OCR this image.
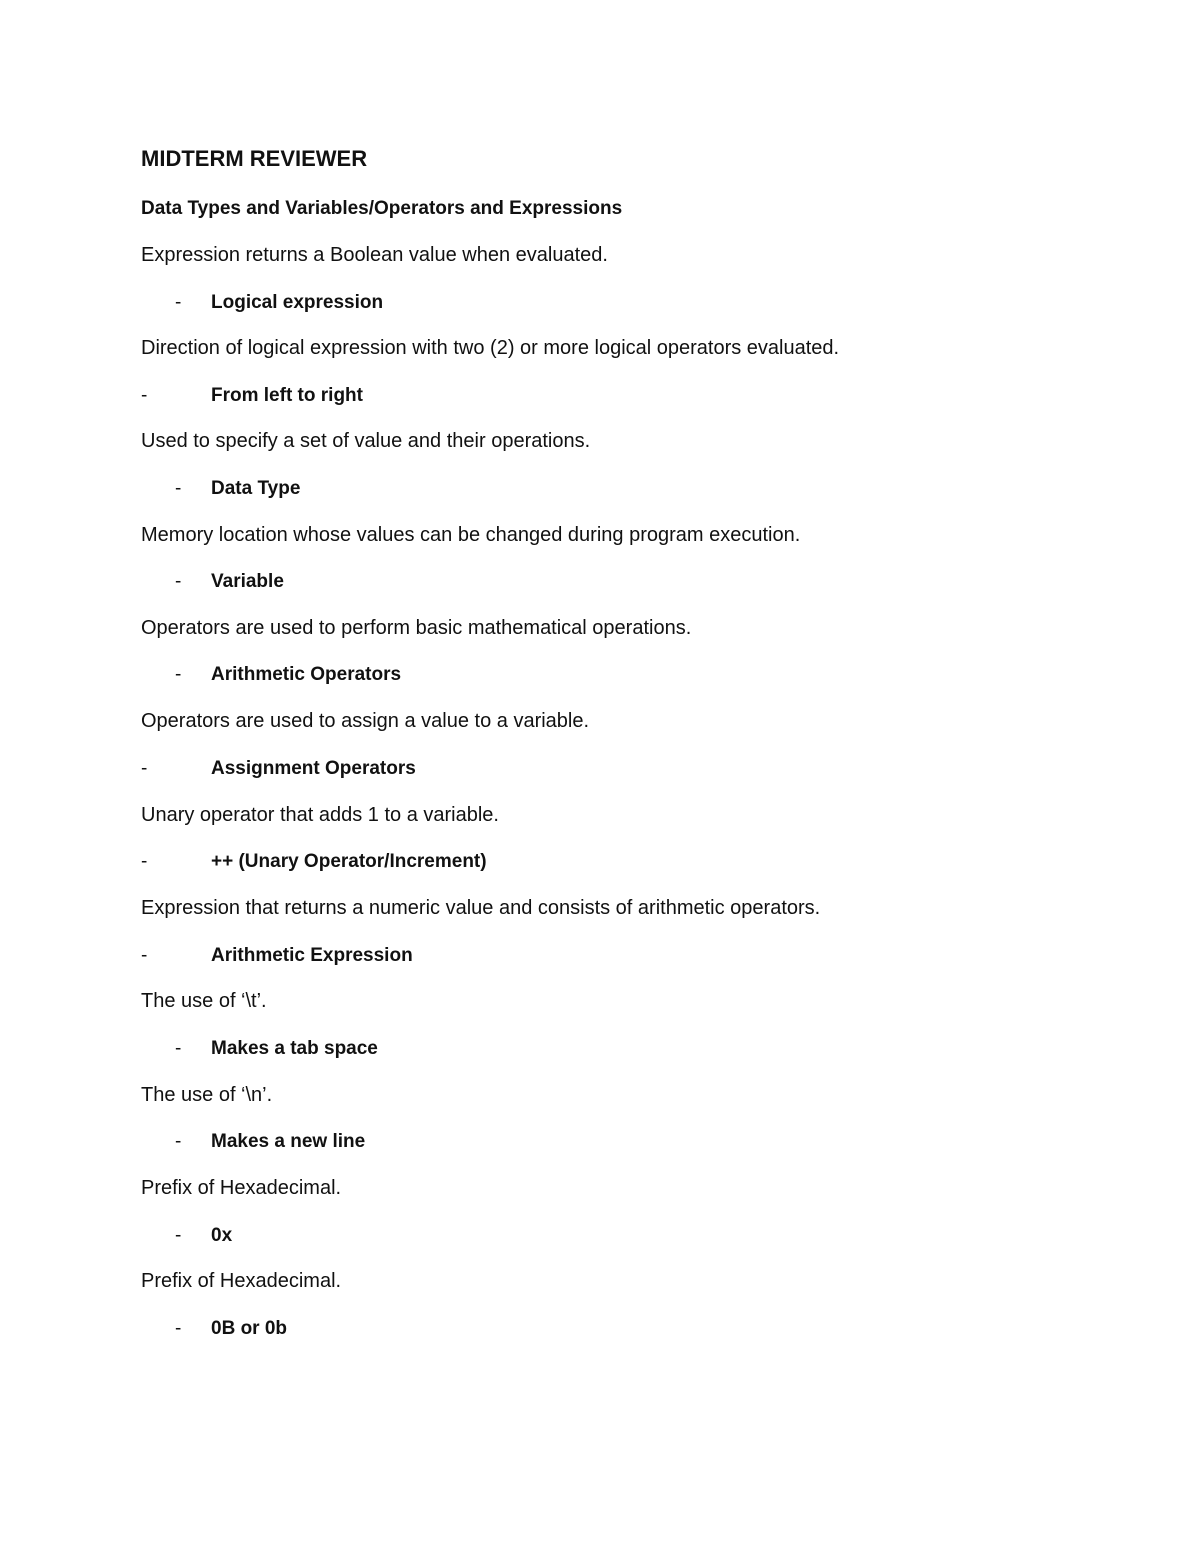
MIDTERM REVIEWER
Data Types and Variables/Operators and Expressions
Expression returns a Boolean value when evaluated.
- Logical expression
Direction of logical expression with two (2) or more logical operators evaluated.
-	From left to right
Used to specify a set of value and their operations.
- Data Type
Memory location whose values can be changed during program execution.
- Variable
Operators are used to perform basic mathematical operations.
- Arithmetic Operators
Operators are used to assign a value to a variable.
-	Assignment Operators
Unary operator that adds 1 to a variable.
-	++ (Unary Operator/Increment)
Expression that returns a numeric value and consists of arithmetic operators.
-	Arithmetic Expression
The use of ‘\t’.
- Makes a tab space
The use of ‘\n’.
- Makes a new line
Prefix of Hexadecimal.
- 0x
Prefix of Hexadecimal.
- 0B or 0b
